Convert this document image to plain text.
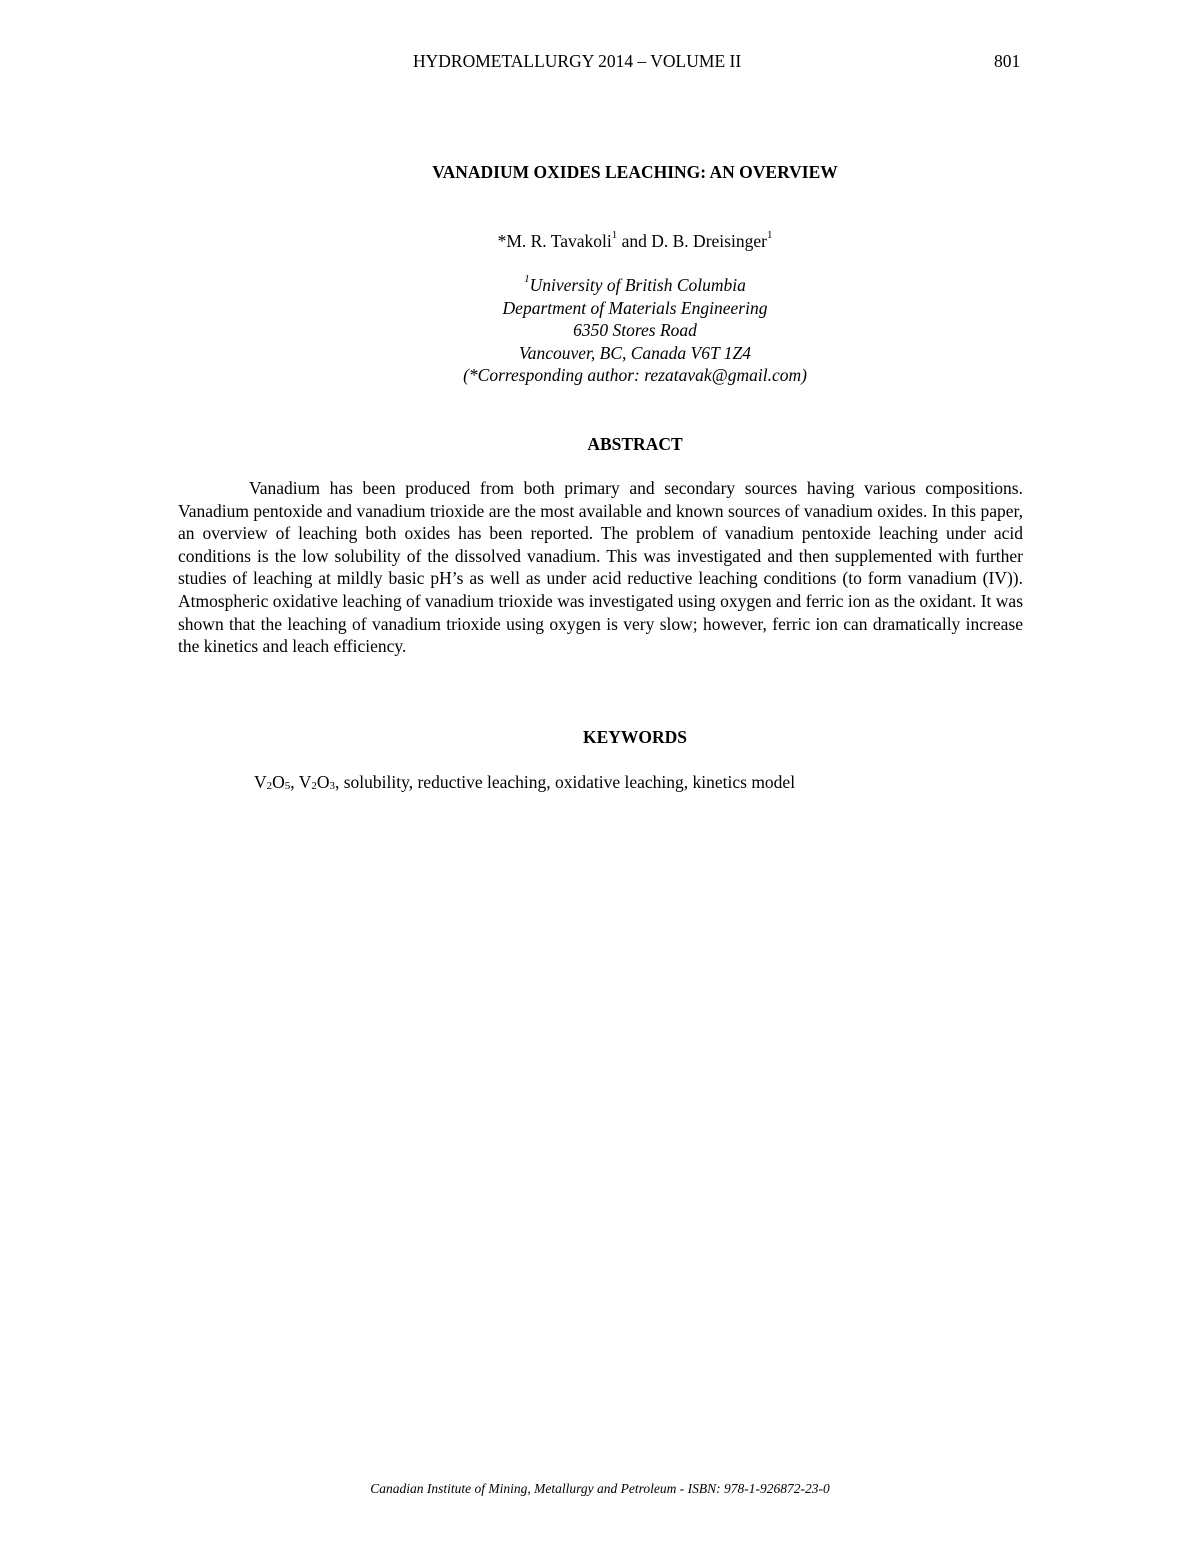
HYDROMETALLURGY 2014 – VOLUME II	801
VANADIUM OXIDES LEACHING: AN OVERVIEW
*M. R. Tavakoli$^1$ and D. B. Dreisinger$^1$
$^1$University of British Columbia
Department of Materials Engineering
6350 Stores Road
Vancouver, BC, Canada V6T 1Z4
(*Corresponding author: rezatavak@gmail.com)
ABSTRACT

Vanadium has been produced from both primary and secondary sources having various compositions. Vanadium pentoxide and vanadium trioxide are the most available and known sources of vanadium oxides. In this paper, an overview of leaching both oxides has been reported. The problem of vanadium pentoxide leaching under acid conditions is the low solubility of the dissolved vanadium. This was investigated and then supplemented with further studies of leaching at mildly basic pH’s as well as under acid reductive leaching conditions (to form vanadium (IV)). Atmospheric oxidative leaching of vanadium trioxide was investigated using oxygen and ferric ion as the oxidant. It was shown that the leaching of vanadium trioxide using oxygen is very slow; however, ferric ion can dramatically increase the kinetics and leach efficiency.

KEYWORDS
$V_2O_5$, $V_2O_3$, solubility, reductive leaching, oxidative leaching, kinetics model
Canadian Institute of Mining, Metallurgy and Petroleum - ISBN: 978-1-926872-23-0
